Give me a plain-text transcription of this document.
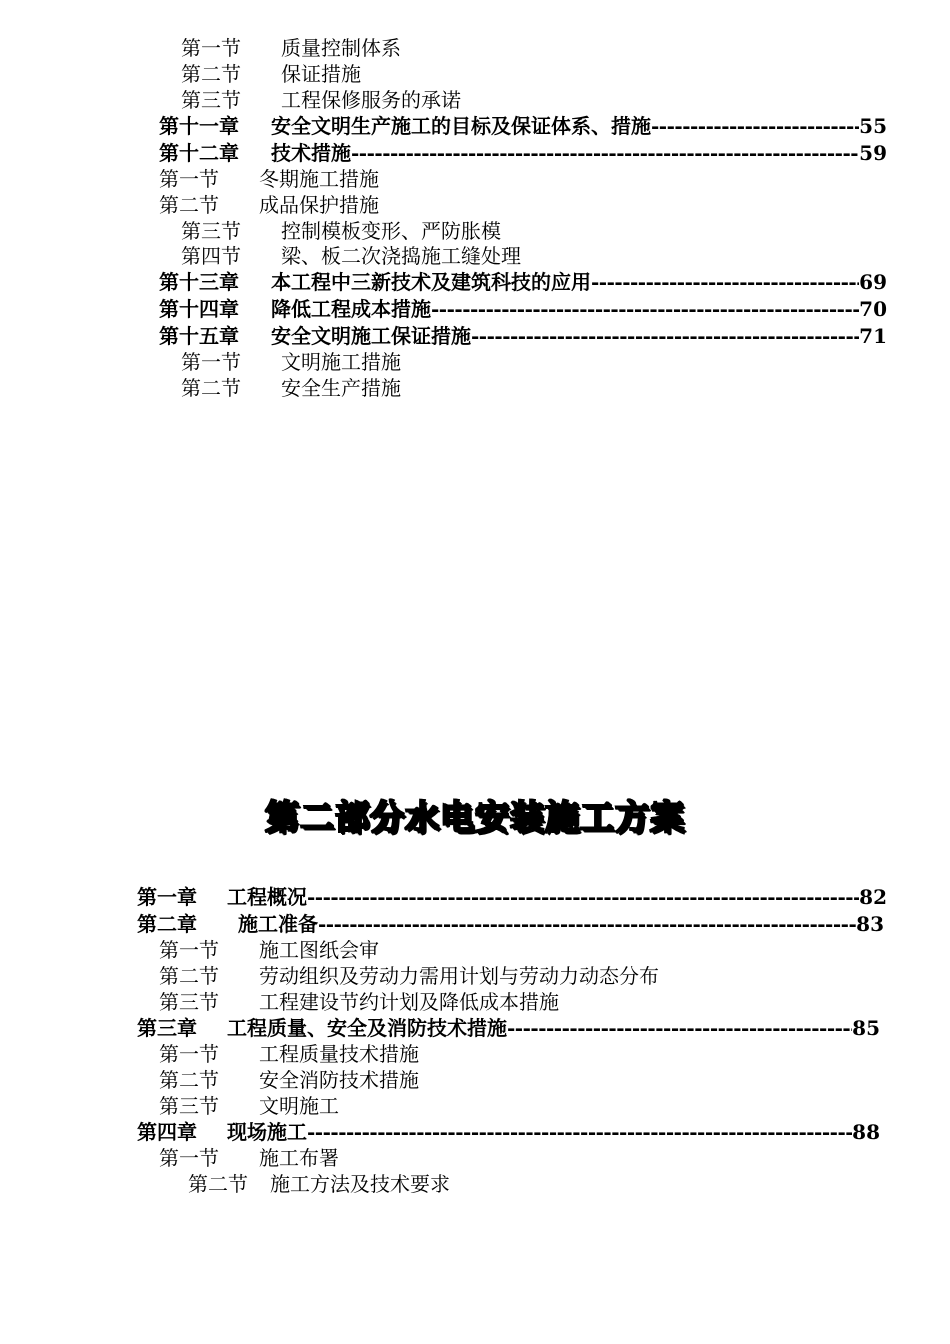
第一节 质量控制体系
第二节 保证措施
第三节 工程保修服务的承诺
第十一章	安全文明生产施工的目标及保证体系、措施 -----	55
第十二章	技术措施 -----	59
第一节 冬期施工措施
第二节 成品保护措施
第三节 控制模板变形、严防胀模
第四节 梁、板二次浇捣施工缝处理
第十三章	本工程中三新技术及建筑科技的应用 -----	69
第十四章	降低工程成本措施 -----	70
第十五章	安全文明施工保证措施 -----	71
第一节 文明施工措施
第二节 安全生产措施
第二部分水电安装施工方案
第一章	工程概况 -----	82
第二章	施工准备 -----	83
第一节 施工图纸会审
第二节 劳动组织及劳动力需用计划与劳动力动态分布
第三节 工程建设节约计划及降低成本措施
第三章	工程质量、安全及消防技术措施 -----	85
第一节 工程质量技术措施
第二节 安全消防技术措施
第三节 文明施工
第四章	现场施工 -----	88
第一节 施工布署
第二节 施工方法及技术要求
